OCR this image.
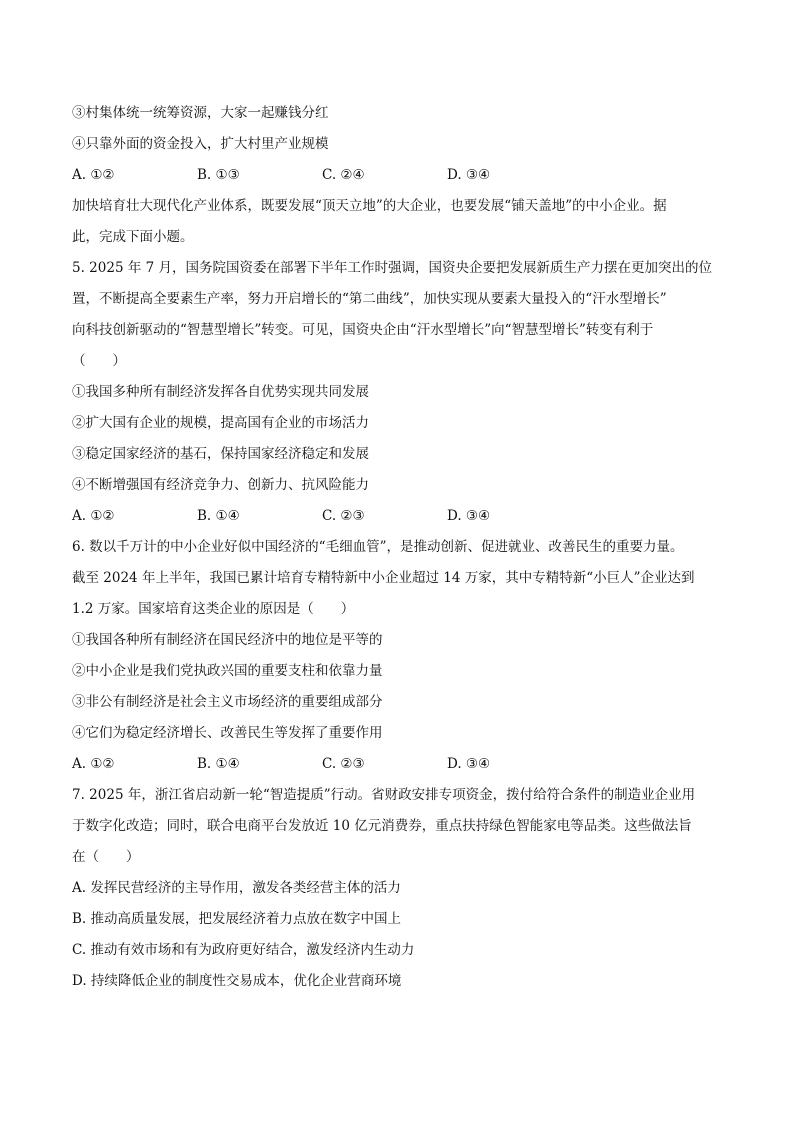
③村集体统一统筹资源，大家一起赚钱分红
④只靠外面的资金投入，扩大村里产业规模
A. ①②	B. ①③	C. ②④	D. ③④
加快培育壮大现代化产业体系，既要发展“顶天立地”的大企业，也要发展“铺天盖地”的中小企业。据
此，完成下面小题。
5. 2025 年 7 月，国务院国资委在部署下半年工作时强调，国资央企要把发展新质生产力摆在更加突出的位
置，不断提高全要素生产率，努力开启增长的“第二曲线”，加快实现从要素大量投入的“汗水型增长”
向科技创新驱动的“智慧型增长”转变。可见，国资央企由“汗水型增长”向“智慧型增长”转变有利于
（　　）
①我国多种所有制经济发挥各自优势实现共同发展
②扩大国有企业的规模，提高国有企业的市场活力
③稳定国家经济的基石，保持国家经济稳定和发展
④不断增强国有经济竞争力、创新力、抗风险能力
A. ①②	B. ①④	C. ②③	D. ③④
6. 数以千万计的中小企业好似中国经济的“毛细血管”，是推动创新、促进就业、改善民生的重要力量。
截至 2024 年上半年，我国已累计培育专精特新中小企业超过 14 万家，其中专精特新“小巨人”企业达到
1.2 万家。国家培育这类企业的原因是（　　）
①我国各种所有制经济在国民经济中的地位是平等的
②中小企业是我们党执政兴国的重要支柱和依靠力量
③非公有制经济是社会主义市场经济的重要组成部分
④它们为稳定经济增长、改善民生等发挥了重要作用
A. ①②	B. ①④	C. ②③	D. ③④
7. 2025 年，浙江省启动新一轮“智造提质”行动。省财政安排专项资金，拨付给符合条件的制造业企业用
于数字化改造；同时，联合电商平台发放近 10 亿元消费券，重点扶持绿色智能家电等品类。这些做法旨
在（　　）
A. 发挥民营经济的主导作用，激发各类经营主体的活力
B. 推动高质量发展，把发展经济着力点放在数字中国上
C. 推动有效市场和有为政府更好结合，激发经济内生动力
D. 持续降低企业的制度性交易成本，优化企业营商环境
